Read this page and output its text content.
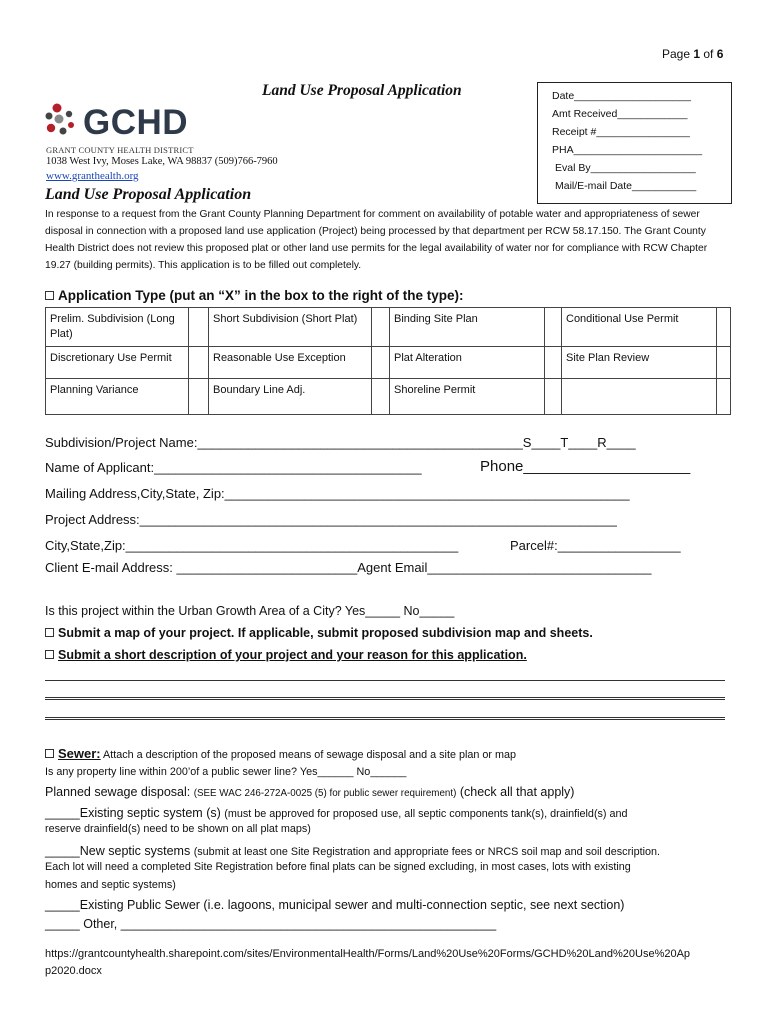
Page 1 of 6
Land Use Proposal Application	Date____________________
Amt Received____________
Receipt #________________
PHA______________________
Eval By__________________
Mail/E-mail Date___________
GCHD
GRANT COUNTY HEALTH DISTRICT
1038 West Ivy, Moses Lake, WA 98837 (509)766-7960
www.granthealth.org
Land Use Proposal Application
In response to a request from the Grant County Planning Department for comment on availability of potable water and appropriateness of sewer disposal in connection with a proposed land use application (Project) being processed by that department per RCW 58.17.150. The Grant County Health District does not review this proposed plat or other land use permits for the legal availability of water nor for compliance with RCW Chapter 19.27 (building permits). This application is to be filled out completely.
Application Type (put an “X” in the box to the right of the type):
Prelim. Subdivision (Long Plat)		Short Subdivision (Short Plat)		Binding Site Plan		Conditional Use Permit	
Discretionary Use Permit		Reasonable Use Exception		Plat Alteration		Site Plan Review	
Planning Variance		Boundary Line Adj.		Shoreline Permit			
Subdivision/Project Name:_____________________________________________S____T____R____
Name of Applicant:_____________________________________	Phone____________________
Mailing Address,City,State, Zip:________________________________________________________
Project Address:__________________________________________________________________
City,State,Zip:______________________________________________	Parcel#:_________________
Client E-mail Address: _________________________Agent Email_______________________________
Is this project within the Urban Growth Area of a City? Yes_____ No_____
Submit a map of your project. If applicable, submit proposed subdivision map and sheets.
Submit a short description of your project and your reason for this application.
Sewer: Attach a description of the proposed means of sewage disposal and a site plan or map
Is any property line within 200’of a public sewer line? Yes______ No______
Planned sewage disposal: (SEE WAC 246-272A-0025 (5) for public sewer requirement) (check all that apply)
_____Existing septic system (s) (must be approved for proposed use, all septic components tank(s), drainfield(s) and
reserve drainfield(s) need to be shown on all plat maps)
_____New septic systems (submit at least one Site Registration and appropriate fees or NRCS soil map and soil description.
Each lot will need a completed Site Registration before final plats can be signed excluding, in most cases, lots with existing
homes and septic systems)
_____Existing Public Sewer (i.e. lagoons, municipal sewer and multi-connection septic, see next section)
_____ Other, ______________________________________________________
https://grantcountyhealth.sharepoint.com/sites/EnvironmentalHealth/Forms/Land%20Use%20Forms/GCHD%20Land%20Use%20Ap p2020.docx
